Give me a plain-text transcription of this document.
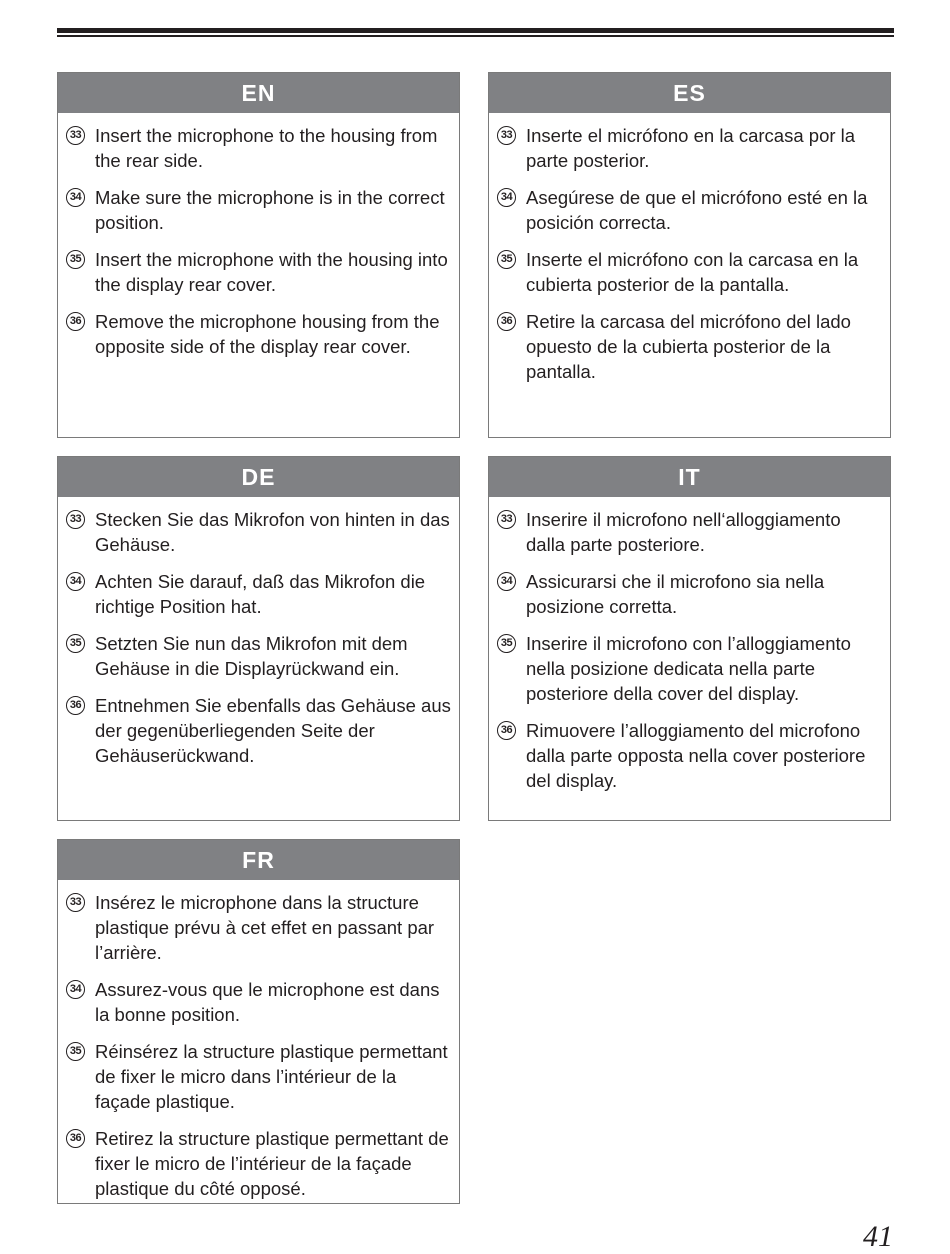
EN
33 Insert the microphone to the housing from the rear side.
34 Make sure the microphone is in the correct position.
35 Insert the microphone with the housing into the display rear cover.
36 Remove the microphone housing from the opposite side of the display rear cover.
ES
33 Inserte el micrófono en la carcasa por la parte posterior.
34 Asegúrese de que el micrófono esté en la posición correcta.
35 Inserte el micrófono con la carcasa en la cubierta posterior de la pantalla.
36 Retire la carcasa del micrófono del lado opuesto de la cubierta posterior de la pantalla.
DE
33 Stecken Sie das Mikrofon von hinten in das Gehäuse.
34 Achten Sie darauf, daß das Mikrofon die richtige Position hat.
35 Setzten Sie nun das Mikrofon mit dem Gehäuse in die Displayrückwand ein.
36 Entnehmen Sie ebenfalls das Gehäuse aus der gegenüberliegenden Seite der Gehäuserückwand.
IT
33 Inserire il microfono nell‘alloggiamento dalla parte posteriore.
34 Assicurarsi che il microfono sia nella posizione corretta.
35 Inserire il microfono con l’alloggiamento nella posizione dedicata nella parte posteriore della cover del display.
36 Rimuovere l’alloggiamento del microfono dalla parte opposta nella cover posteriore del display.
FR
33 Insérez le microphone dans la structure plastique prévu à cet effet en passant par l’arrière.
34 Assurez-vous que le microphone est dans la bonne position.
35 Réinsérez la structure plastique permettant de fixer le micro dans l’intérieur de la façade plastique.
36 Retirez la structure plastique permettant de fixer le micro de l’intérieur de la façade plastique du côté opposé.
41
